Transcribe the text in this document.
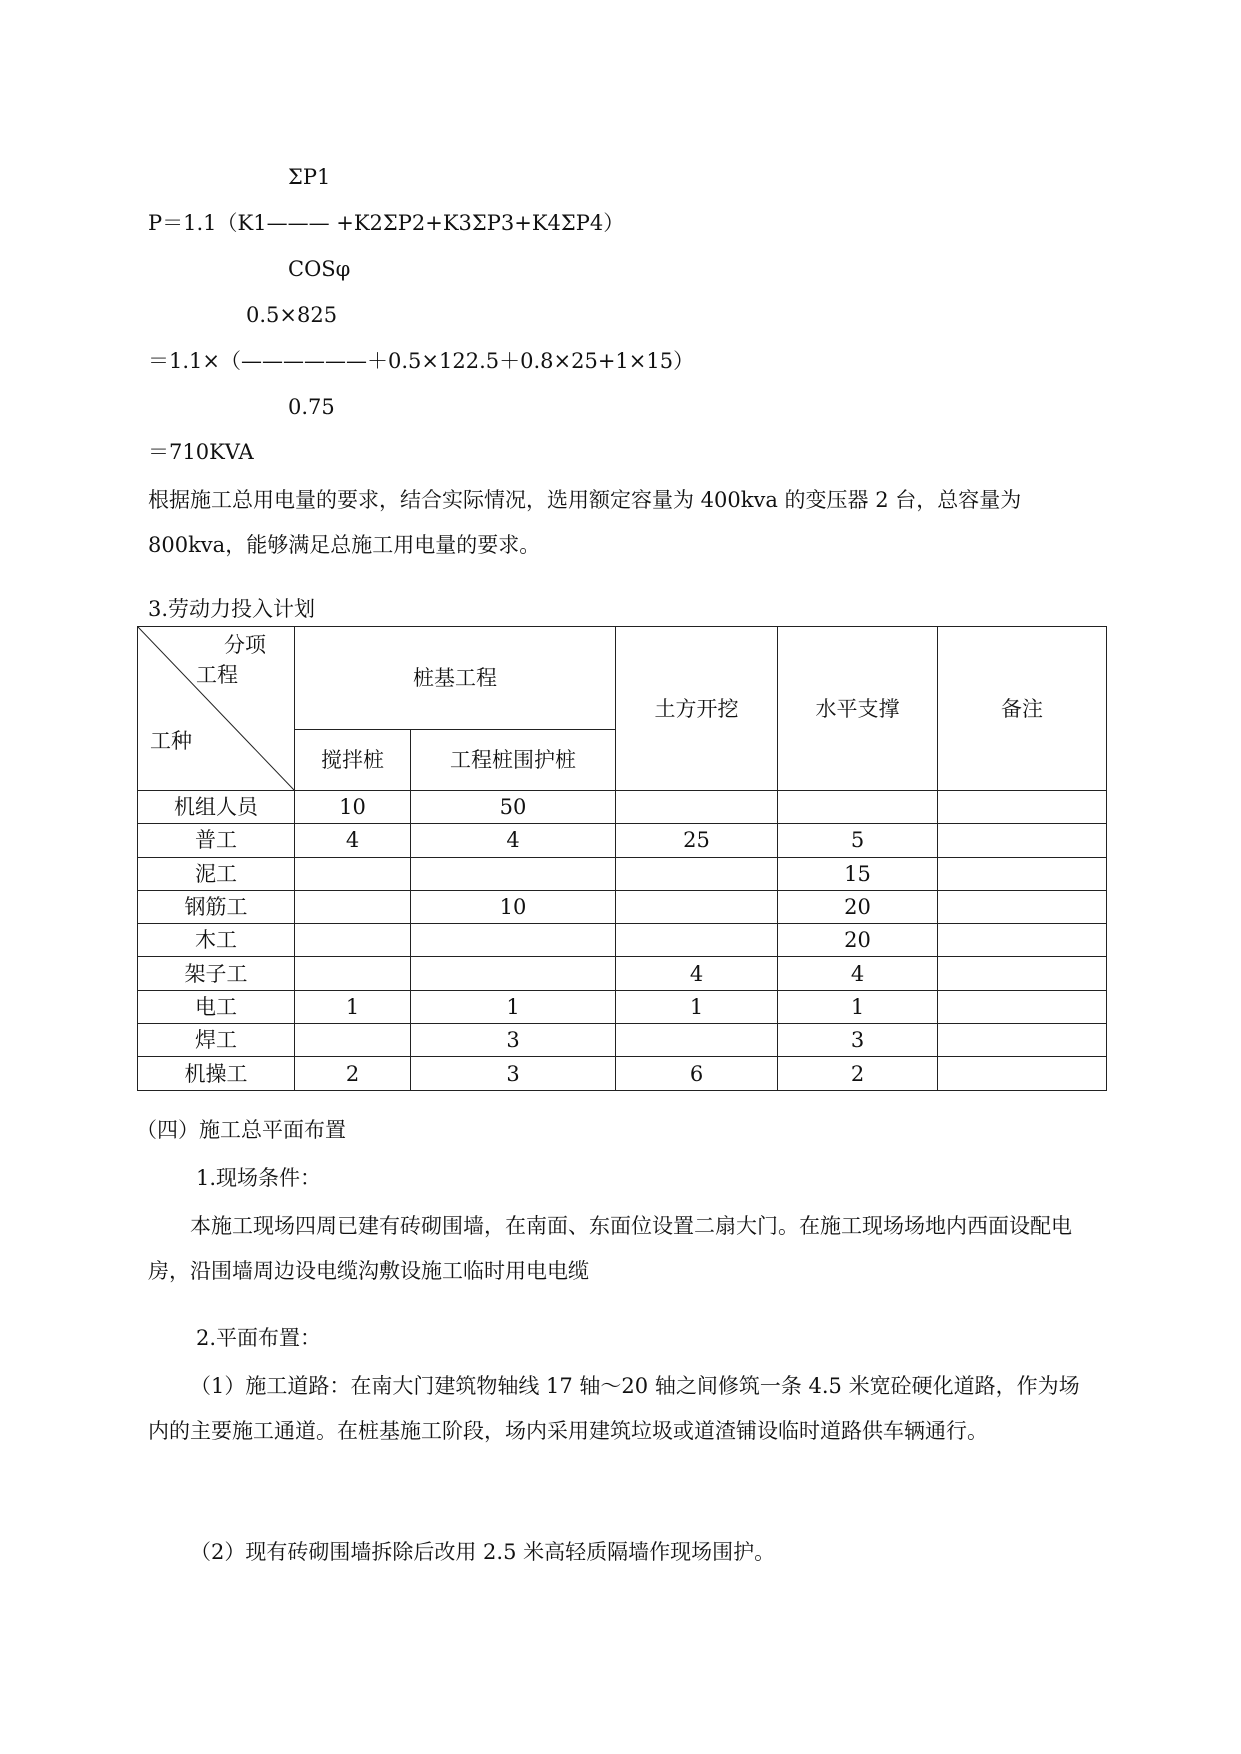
ΣP1
P＝1.1（K1——— +K2ΣP2+K3ΣP3+K4ΣP4）
COSφ
0.5×825
＝1.1×（——————＋0.5×122.5＋0.8×25+1×15）
0.75
＝710KVA
根据施工总用电量的要求，结合实际情况，选用额定容量为 400kva 的变压器 2 台，总容量为 800kva，能够满足总施工用电量的要求。
3.劳动力投入计划
分项
工程
工种	桩基工程		土方开挖	水平支撑	备注
	搅拌桩	工程桩围护桩			
机组人员	10	50			
普工	4	4	25	5	
泥工				15	
钢筋工		10		20	
木工				20	
架子工			4	4	
电工	1	1	1	1	
焊工		3		3	
机操工	2	3	6	2	
（四）施工总平面布置
1.现场条件：
本施工现场四周已建有砖砌围墙，在南面、东面位设置二扇大门。在施工现场场地内西面设配电房，沿围墙周边设电缆沟敷设施工临时用电电缆
2.平面布置：
（1）施工道路：在南大门建筑物轴线 17 轴～20 轴之间修筑一条 4.5 米宽砼硬化道路，作为场内的主要施工通道。在桩基施工阶段，场内采用建筑垃圾或道渣铺设临时道路供车辆通行。
（2）现有砖砌围墙拆除后改用 2.5 米高轻质隔墙作现场围护。
